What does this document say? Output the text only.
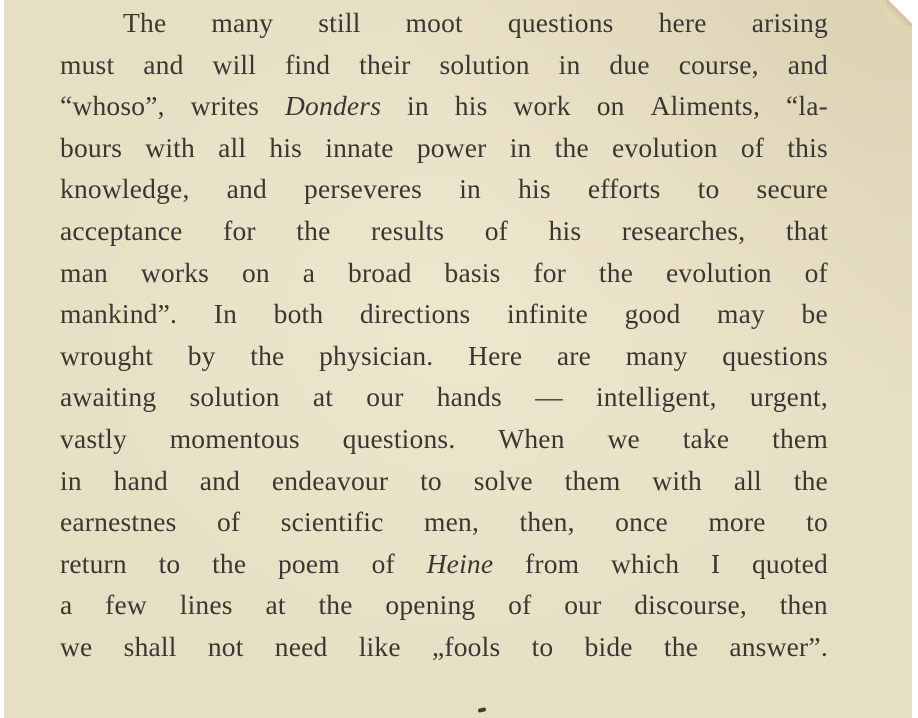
The many still moot questions here arising
must and will find their solution in due course, and
“whoso”, writes Donders in his work on Aliments, “la-
bours with all his innate power in the evolution of this
knowledge, and perseveres in his efforts to secure
acceptance for the results of his researches, that
man works on a broad basis for the evolution of
mankind”. In both directions infinite good may be
wrought by the physician. Here are many questions
awaiting solution at our hands — intelligent, urgent,
vastly momentous questions. When we take them
in hand and endeavour to solve them with all the
earnestnes of scientific men, then, once more to
return to the poem of Heine from which I quoted
a few lines at the opening of our discourse, then
we shall not need like „fools to bide the answer”.
